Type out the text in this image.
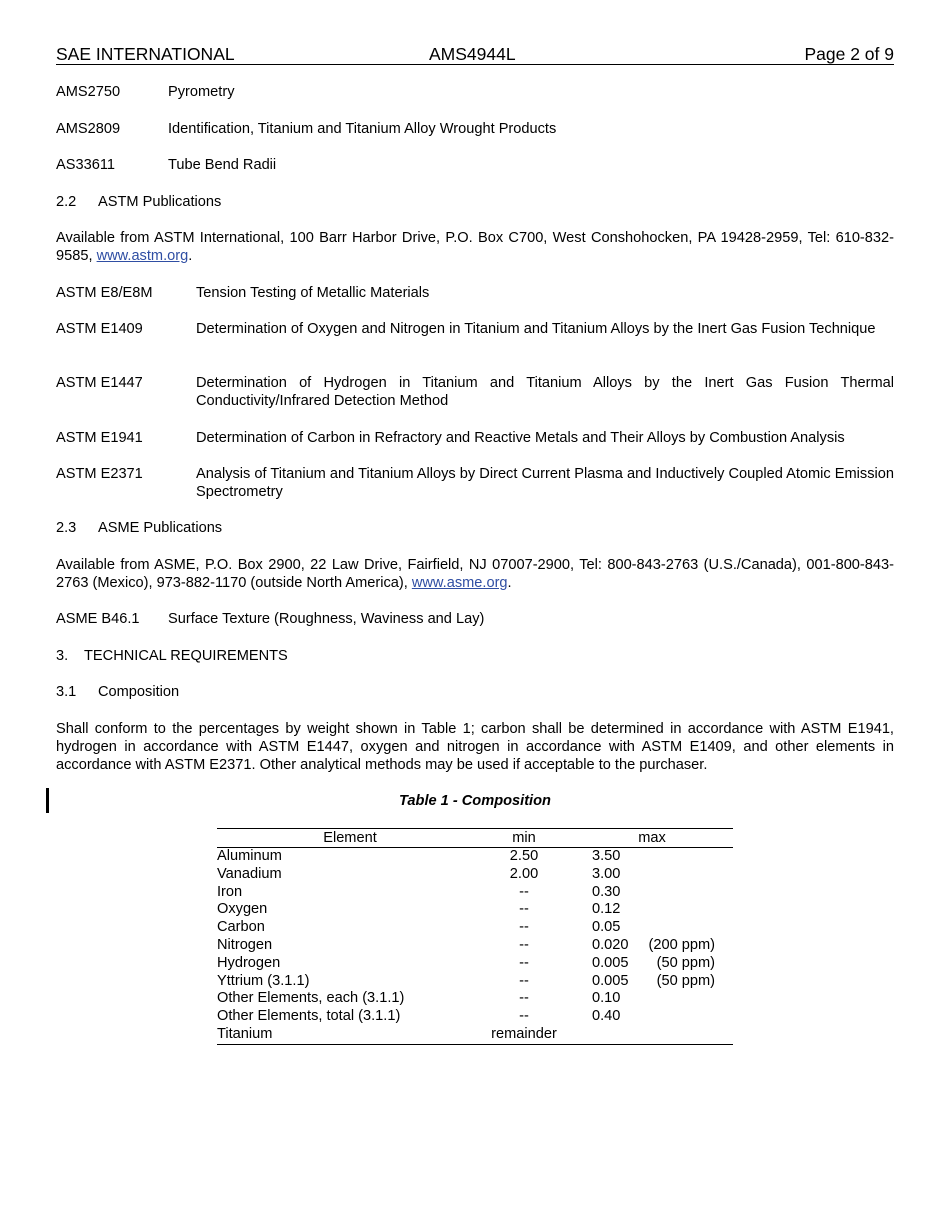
SAE INTERNATIONAL	AMS4944L	Page 2 of 9
AMS2750	Pyrometry
AMS2809	Identification, Titanium and Titanium Alloy Wrought Products
AS33611	Tube Bend Radii
2.2 ASTM Publications
Available from ASTM International, 100 Barr Harbor Drive, P.O. Box C700, West Conshohocken, PA 19428-2959, Tel: 610-832-9585, www.astm.org.
ASTM E8/E8M	Tension Testing of Metallic Materials
ASTM E1409	Determination of Oxygen and Nitrogen in Titanium and Titanium Alloys by the Inert Gas Fusion Technique
ASTM E1447	Determination of Hydrogen in Titanium and Titanium Alloys by the Inert Gas Fusion Thermal Conductivity/Infrared Detection Method
ASTM E1941	Determination of Carbon in Refractory and Reactive Metals and Their Alloys by Combustion Analysis
ASTM E2371	Analysis of Titanium and Titanium Alloys by Direct Current Plasma and Inductively Coupled Atomic Emission Spectrometry
2.3 ASME Publications
Available from ASME, P.O. Box 2900, 22 Law Drive, Fairfield, NJ 07007-2900, Tel: 800-843-2763 (U.S./Canada), 001-800-843-2763 (Mexico), 973-882-1170 (outside North America), www.asme.org.
ASME B46.1 Surface Texture (Roughness, Waviness and Lay)
3. TECHNICAL REQUIREMENTS
3.1 Composition
Shall conform to the percentages by weight shown in Table 1; carbon shall be determined in accordance with ASTM E1941, hydrogen in accordance with ASTM E1447, oxygen and nitrogen in accordance with ASTM E1409, and other elements in accordance with ASTM E2371. Other analytical methods may be used if acceptable to the purchaser.
Table 1 - Composition
Element	min	max
Aluminum	2.50	3.50
Vanadium	2.00	3.00
Iron	--	0.30
Oxygen	--	0.12
Carbon	--	0.05
Nitrogen	--	0.020	(200 ppm)
Hydrogen	--	0.005	(50 ppm)
Yttrium (3.1.1)	--	0.005	(50 ppm)
Other Elements, each (3.1.1)	--	0.10
Other Elements, total (3.1.1)	--	0.40
Titanium	remainder
